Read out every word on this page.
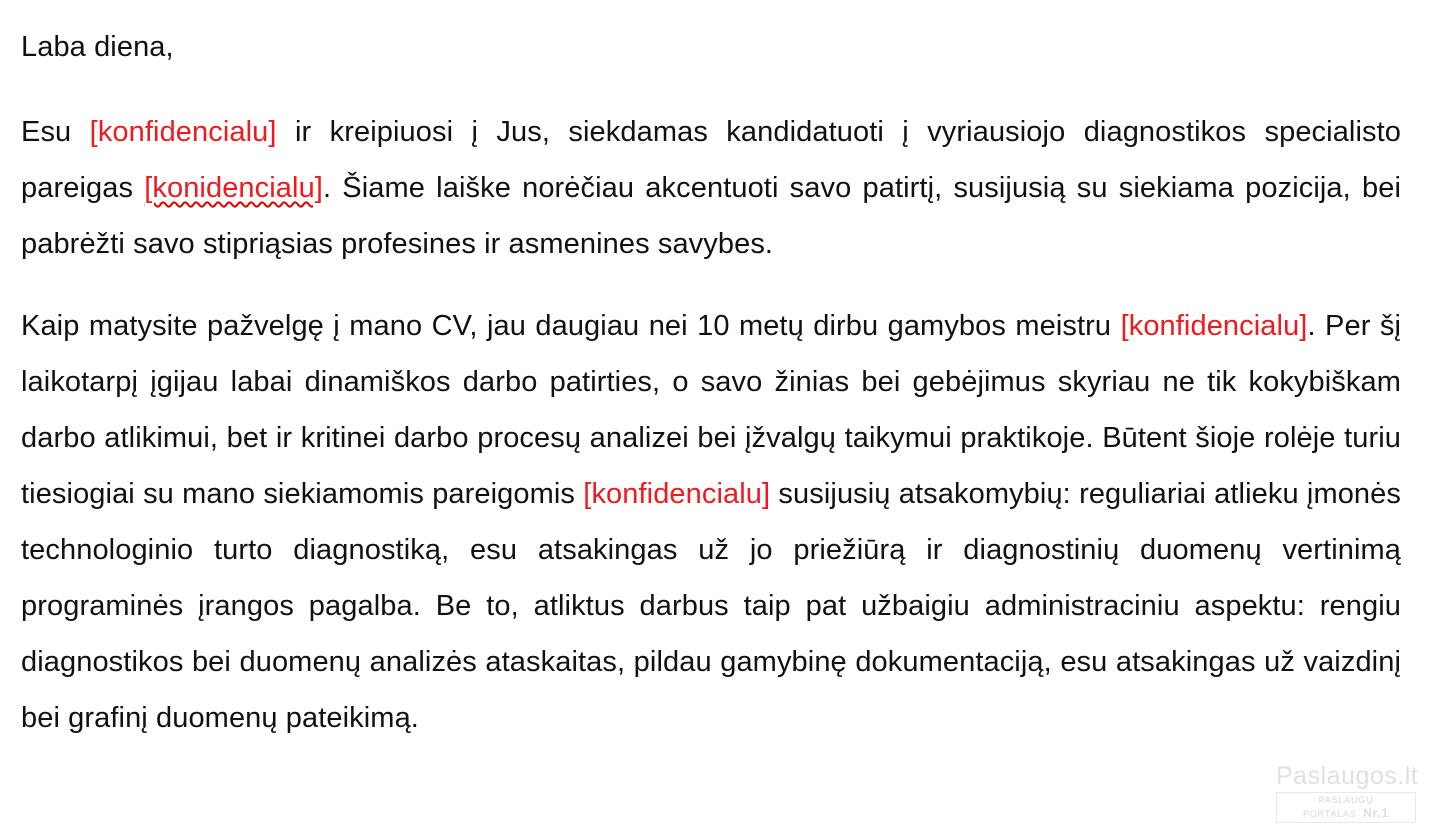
Laba diena,

Esu [konfidencialu] ir kreipiuosi į Jus, siekdamas kandidatuoti į vyriausiojo diagnostikos specialisto pareigas [konidencialu]. Šiame laiške norėčiau akcentuoti savo patirtį, susijusią su siekiama pozicija, bei pabrėžti savo stipriąsias profesines ir asmenines savybes.

Kaip matysite pažvelgę į mano CV, jau daugiau nei 10 metų dirbu gamybos meistru [konfidencialu]. Per šį laikotarpį įgijau labai dinamiškos darbo patirties, o savo žinias bei gebėjimus skyriau ne tik kokybiškam darbo atlikimui, bet ir kritinei darbo procesų analizei bei įžvalgų taikymui praktikoje. Būtent šioje rolėje turiu tiesiogiai su mano siekiamomis pareigomis [konfidencialu] susijusių atsakomybių: reguliariai atlieku įmonės technologinio turto diagnostiką, esu atsakingas už jo priežiūrą ir diagnostinių duomenų vertinimą programinės įrangos pagalba. Be to, atliktus darbus taip pat užbaigiu administraciniu aspektu: rengiu diagnostikos bei duomenų analizės ataskaitas, pildau gamybinę dokumentaciją, esu atsakingas už vaizdinį bei grafinį duomenų pateikimą.

Paslaugos.lt
PASLAUGŲ PORTALAS Nr.1
